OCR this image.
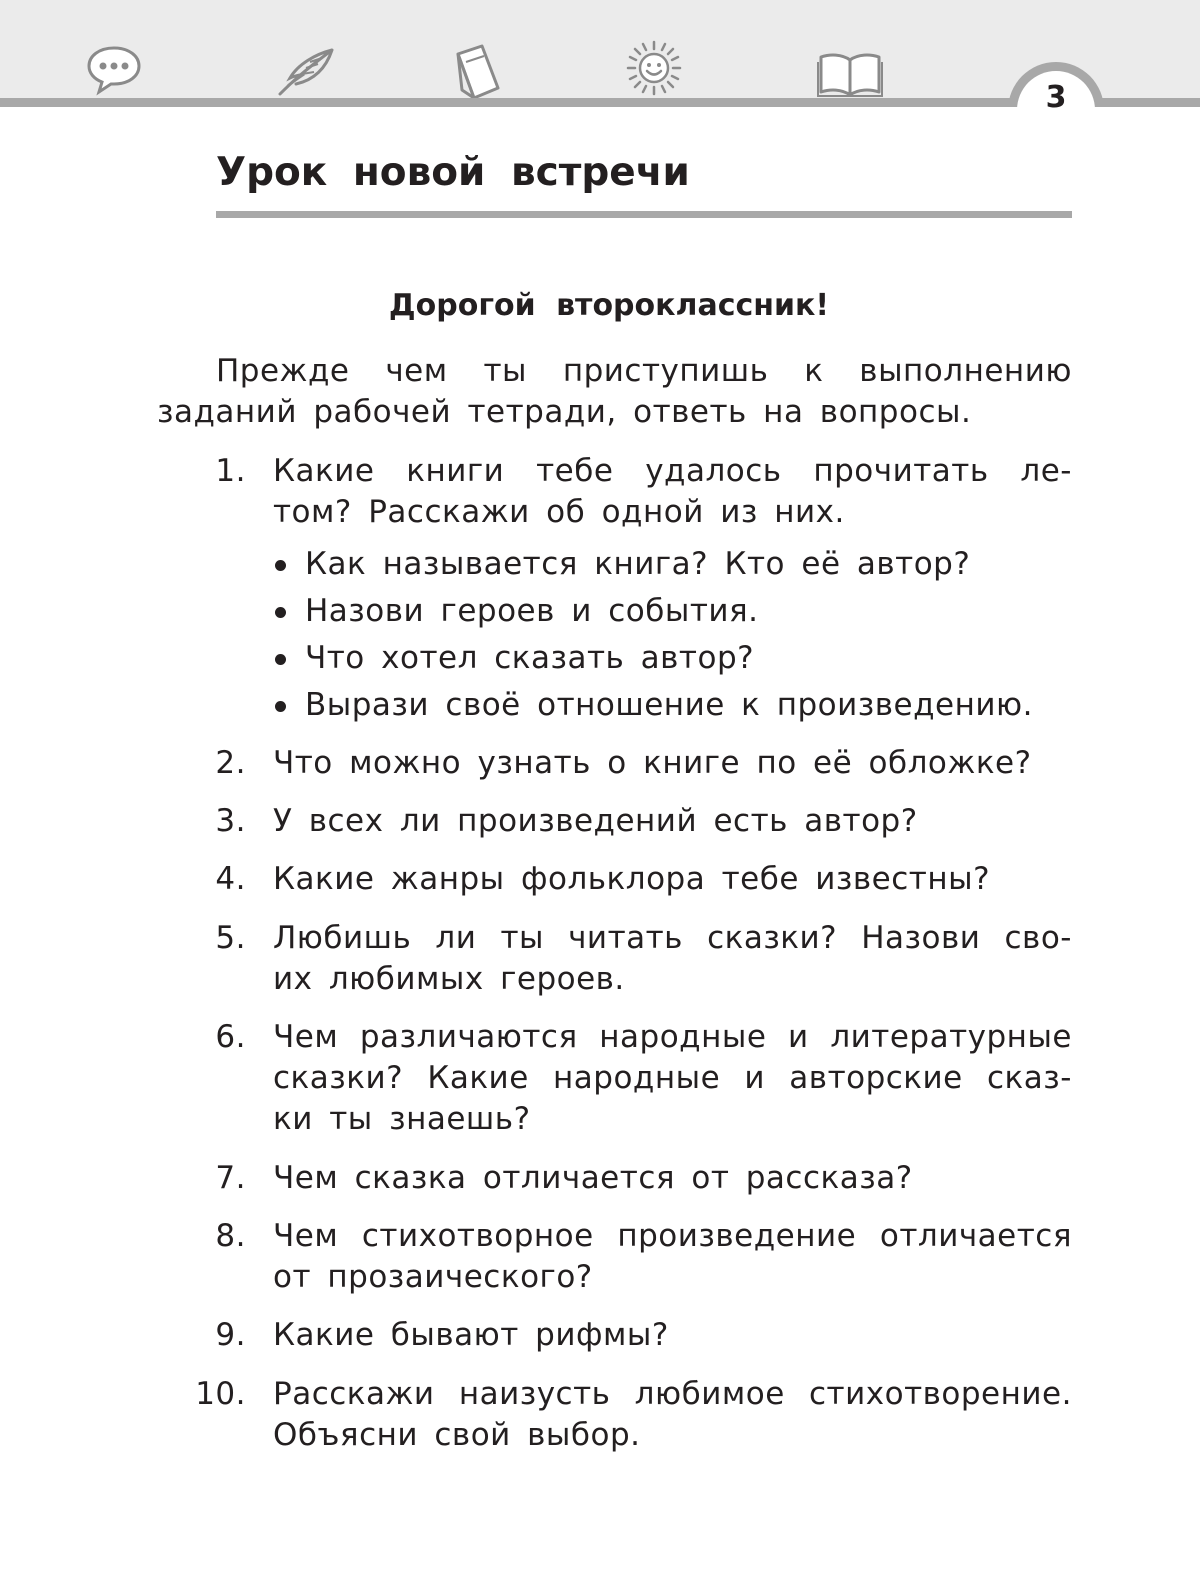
3
Урок новой встречи
Дорогой второклассник!
Прежде чем ты приступишь к выполнению
заданий рабочей тетради, ответь на вопросы.
1. Какие книги тебе удалось прочитать ле-
том? Расскажи об одной из них.
Как называется книга? Кто её автор?
Назови героев и события.
Что хотел сказать автор?
Вырази своё отношение к произведению.
2. Что можно узнать о книге по её обложке?
3. У всех ли произведений есть автор?
4. Какие жанры фольклора тебе известны?
5. Любишь ли ты читать сказки? Назови сво-
их любимых героев.
6. Чем различаются народные и литературные
сказки? Какие народные и авторские сказ-
ки ты знаешь?
7. Чем сказка отличается от рассказа?
8. Чем стихотворное произведение отличается
от прозаического?
9. Какие бывают рифмы?
10. Расскажи наизусть любимое стихотворение.
Объясни свой выбор.
